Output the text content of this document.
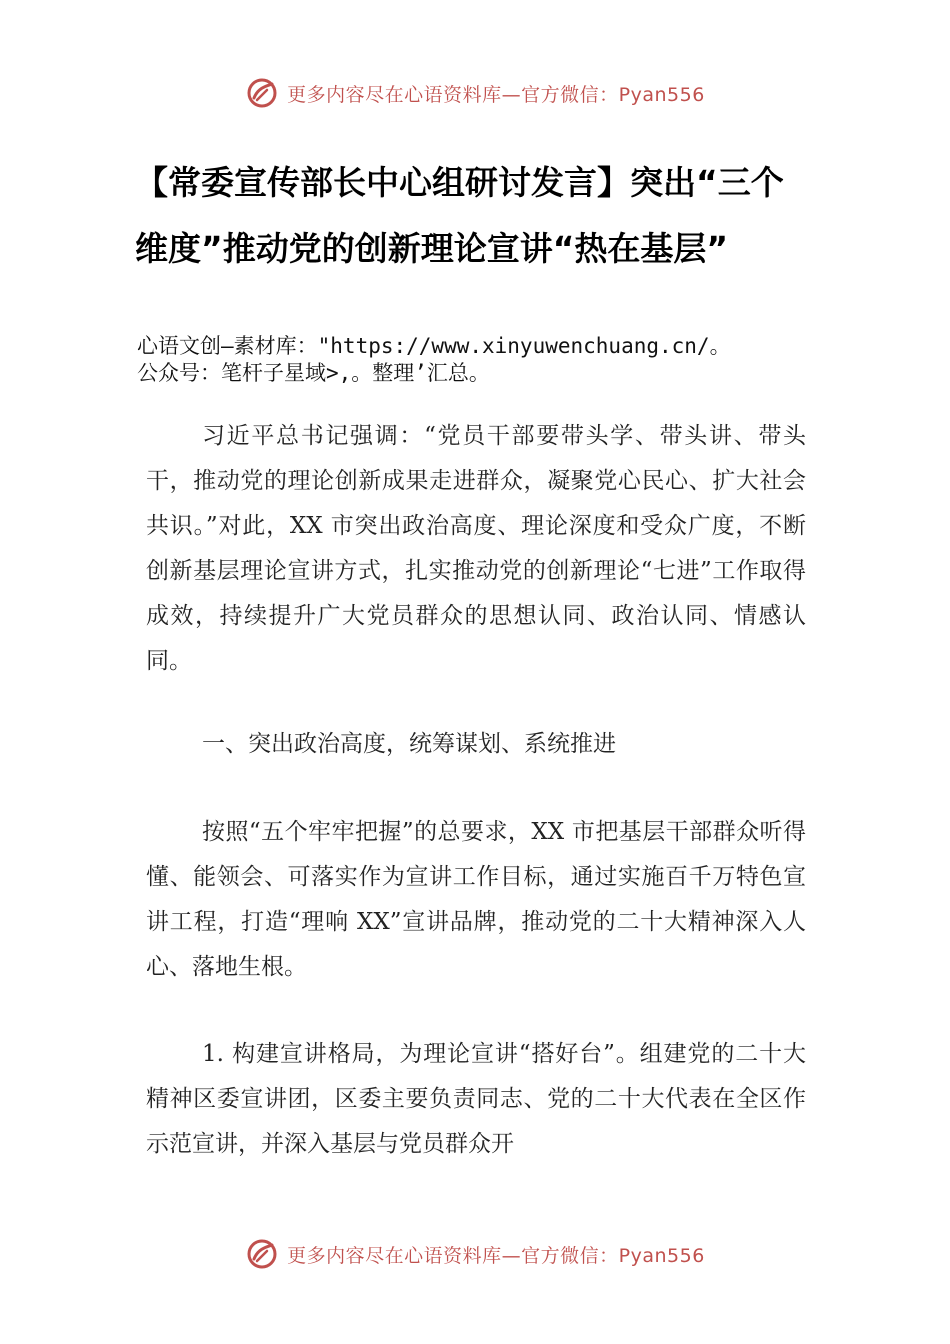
更多内容尽在心语资料库—官方微信：Pyan556
【常委宣传部长中心组研讨发言】突出“三个维度”推动党的创新理论宣讲“热在基层”
心语文创—素材库："https://www.xinyuwenchuang.cn/。
公众号：笔杆子星域>,。整理’汇总。

习近平总书记强调：“党员干部要带头学、带头讲、带头干，推动党的理论创新成果走进群众，凝聚党心民心、扩大社会共识。”对此，XX 市突出政治高度、理论深度和受众广度，不断创新基层理论宣讲方式，扎实推动党的创新理论“七进”工作取得成效，持续提升广大党员群众的思想认同、政治认同、情感认同。

一、突出政治高度，统筹谋划、系统推进

按照“五个牢牢把握”的总要求，XX 市把基层干部群众听得懂、能领会、可落实作为宣讲工作目标，通过实施百千万特色宣讲工程，打造“理响 XX”宣讲品牌，推动党的二十大精神深入人心、落地生根。

1. 构建宣讲格局，为理论宣讲“搭好台”。组建党的二十大精神区委宣讲团，区委主要负责同志、党的二十大代表在全区作示范宣讲，并深入基层与党员群众开

更多内容尽在心语资料库—官方微信：Pyan556
